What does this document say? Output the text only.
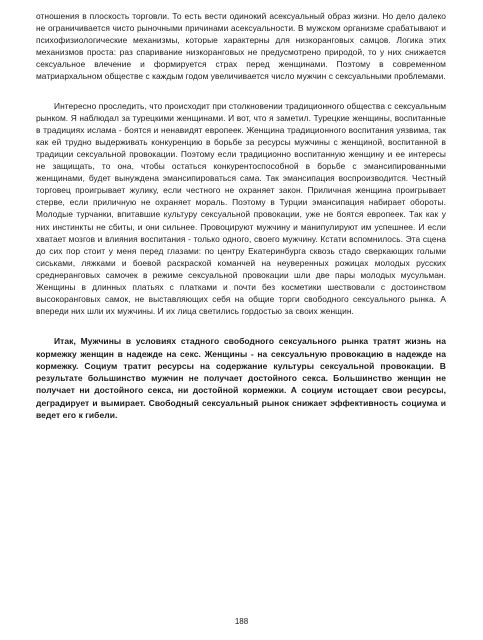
отношения в плоскость торговли. То есть вести одинокий асексуальный образ жизни. Но дело далеко не ограничивается чисто рыночными причинами асексуальности. В мужском организме срабатывают и психофизиологические механизмы, которые характерны для низкоранговых самцов. Логика этих механизмов проста: раз спаривание низкоранговых не предусмотрено природой, то у них снижается сексуальное влечение и формируется страх перед женщинами. Поэтому в современном матриархальном обществе с каждым годом увеличивается число мужчин с сексуальными проблемами.

Интересно проследить, что происходит при столкновении традиционного общества с сексуальным рынком. Я наблюдал за турецкими женщинами. И вот, что я заметил. Турецкие женщины, воспитанные в традициях ислама - боятся и ненавидят европеек. Женщина традиционного воспитания уязвима, так как ей трудно выдерживать конкуренцию в борьбе за ресурсы мужчины с женщиной, воспитанной в традиции сексуальной провокации. Поэтому если традиционно воспитанную женщину и ее интересы не защищать, то она, чтобы остаться конкурентоспособной в борьбе с эмансипированными женщинами, будет вынуждена эмансипироваться сама. Так эмансипация воспроизводится. Честный торговец проигрывает жулику, если честного не охраняет закон. Приличная женщина проигрывает стерве, если приличную не охраняет мораль. Поэтому в Турции эмансипация набирает обороты. Молодые турчанки, впитавшие культуру сексуальной провокации, уже не боятся европеек. Так как у них инстинкты не сбиты, и они сильнее. Провоцируют мужчину и манипулируют им успешнее. И если хватает мозгов и влияния воспитания - только одного, своего мужчину. Кстати вспомнилось. Эта сцена до сих пор стоит у меня перед глазами: по центру Екатеринбурга сквозь стадо сверкающих голыми сиськами, ляжками и боевой раскраской команчей на неуверенных рожицах молодых русских среднеранговых самочек в режиме сексуальной провокации шли две пары молодых мусульман. Женщины в длинных платьях с платками и почти без косметики шествовали с достоинством высокоранговых самок, не выставляющих себя на общие торги свободного сексуального рынка. А впереди них шли их мужчины. И их лица светились гордостью за своих женщин.

Итак, Мужчины в условиях стадного свободного сексуального рынка тратят жизнь на кормежку женщин в надежде на секс. Женщины - на сексуальную провокацию в надежде на кормежку. Социум тратит ресурсы на содержание культуры сексуальной провокации. В результате большинство мужчин не получает достойного секса. Большинство женщин не получает ни достойного секса, ни достойной кормежки. А социум истощает свои ресурсы, деградирует и вымирает. Свободный сексуальный рынок снижает эффективность социума и ведет его к гибели.

188
